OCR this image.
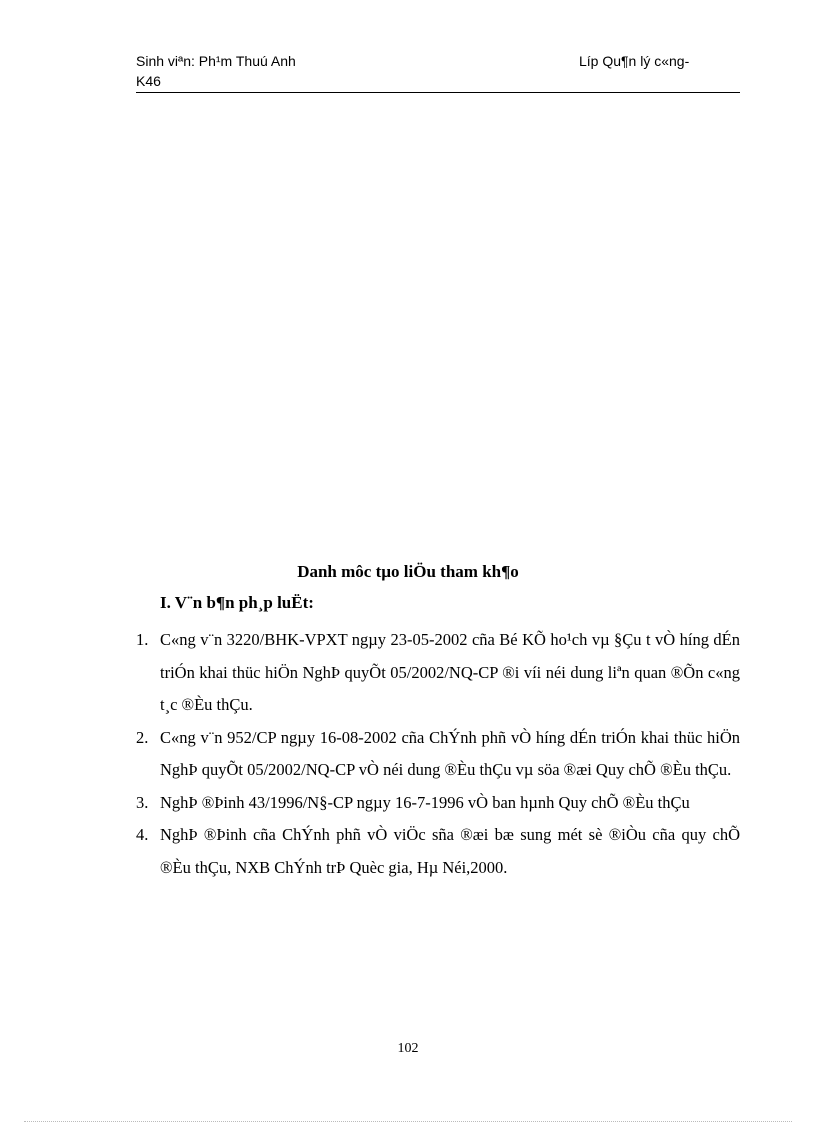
Sinh viªn: Ph¹m Thuú Anh	Líp Qu¶n lý c«ng-
K46
Danh môc tµo liÖu tham kh¶o
I. V¨n b¶n ph¸p luËt:
1. C«ng v¨n 3220/BHK-VPXT ngµy 23-05-2002 cña Bé KÕ ho¹ch vµ §Çu t vÒ híng dÉn triÓn khai thüc hiÖn NghÞ quyÕt 05/2002/NQ-CP ®i víi néi dung liªn quan ®Õn c«ng t¸c ®Èu thÇu.
2. C«ng v¨n 952/CP ngµy 16-08-2002 cña ChÝnh phñ vÒ híng dÉn triÓn khai thüc hiÖn NghÞ quyÕt 05/2002/NQ-CP vÒ néi dung ®Èu thÇu vµ söa ®æi Quy chÕ ®Èu thÇu.
3. NghÞ ®Þinh 43/1996/N§-CP ngµy 16-7-1996 vÒ ban hµnh Quy chÕ ®Èu thÇu
4. NghÞ ®Þinh cña ChÝnh phñ vÒ viÖc sña ®æi bæ sung mét sè ®iÒu cña quy chÕ ®Èu thÇu, NXB ChÝnh trÞ Quèc gia, Hµ Néi,2000.
102
